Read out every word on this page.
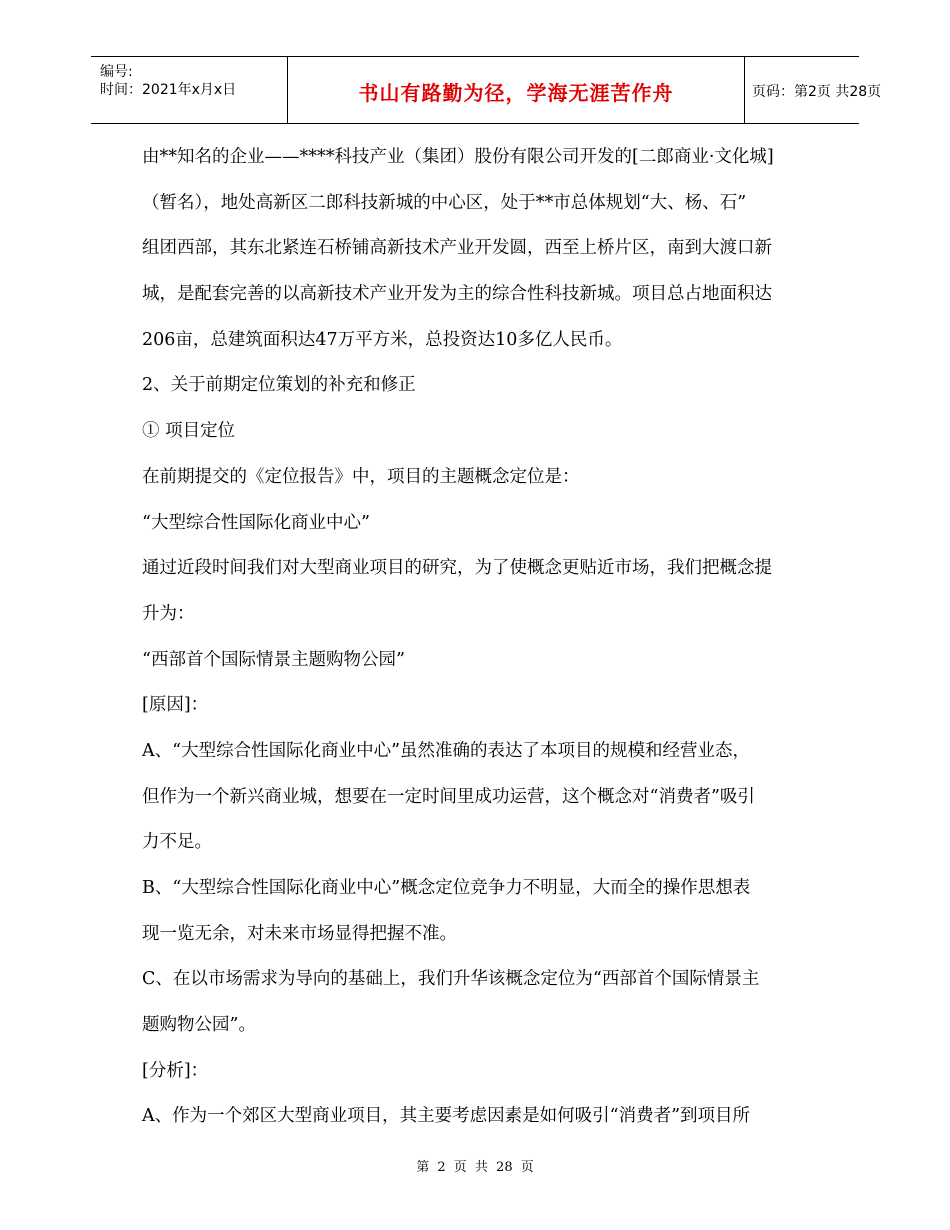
编号:
时间：2021年x月x日	书山有路勤为径，学海无涯苦作舟	页码：第2页 共28页

由**知名的企业——****科技产业（集团）股份有限公司开发的[二郎商业·文化城]

（暂名），地处高新区二郎科技新城的中心区，处于**市总体规划“大、杨、石”

组团西部，其东北紧连石桥铺高新技术产业开发圆，西至上桥片区，南到大渡口新

城，是配套完善的以高新技术产业开发为主的综合性科技新城。项目总占地面积达

206亩，总建筑面积达47万平方米，总投资达10多亿人民币。

2、关于前期定位策划的补充和修正

① 项目定位

在前期提交的《定位报告》中，项目的主题概念定位是：

“大型综合性国际化商业中心”

通过近段时间我们对大型商业项目的研究，为了使概念更贴近市场，我们把概念提

升为：

“西部首个国际情景主题购物公园”

[原因]：

A、“大型综合性国际化商业中心”虽然准确的表达了本项目的规模和经营业态，

但作为一个新兴商业城，想要在一定时间里成功运营，这个概念对“消费者”吸引

力不足。

B、“大型综合性国际化商业中心”概念定位竞争力不明显，大而全的操作思想表

现一览无余，对未来市场显得把握不准。

C、在以市场需求为导向的基础上，我们升华该概念定位为“西部首个国际情景主

题购物公园”。

[分析]：

A、作为一个郊区大型商业项目，其主要考虑因素是如何吸引“消费者”到项目所

第 2 页 共 28 页
